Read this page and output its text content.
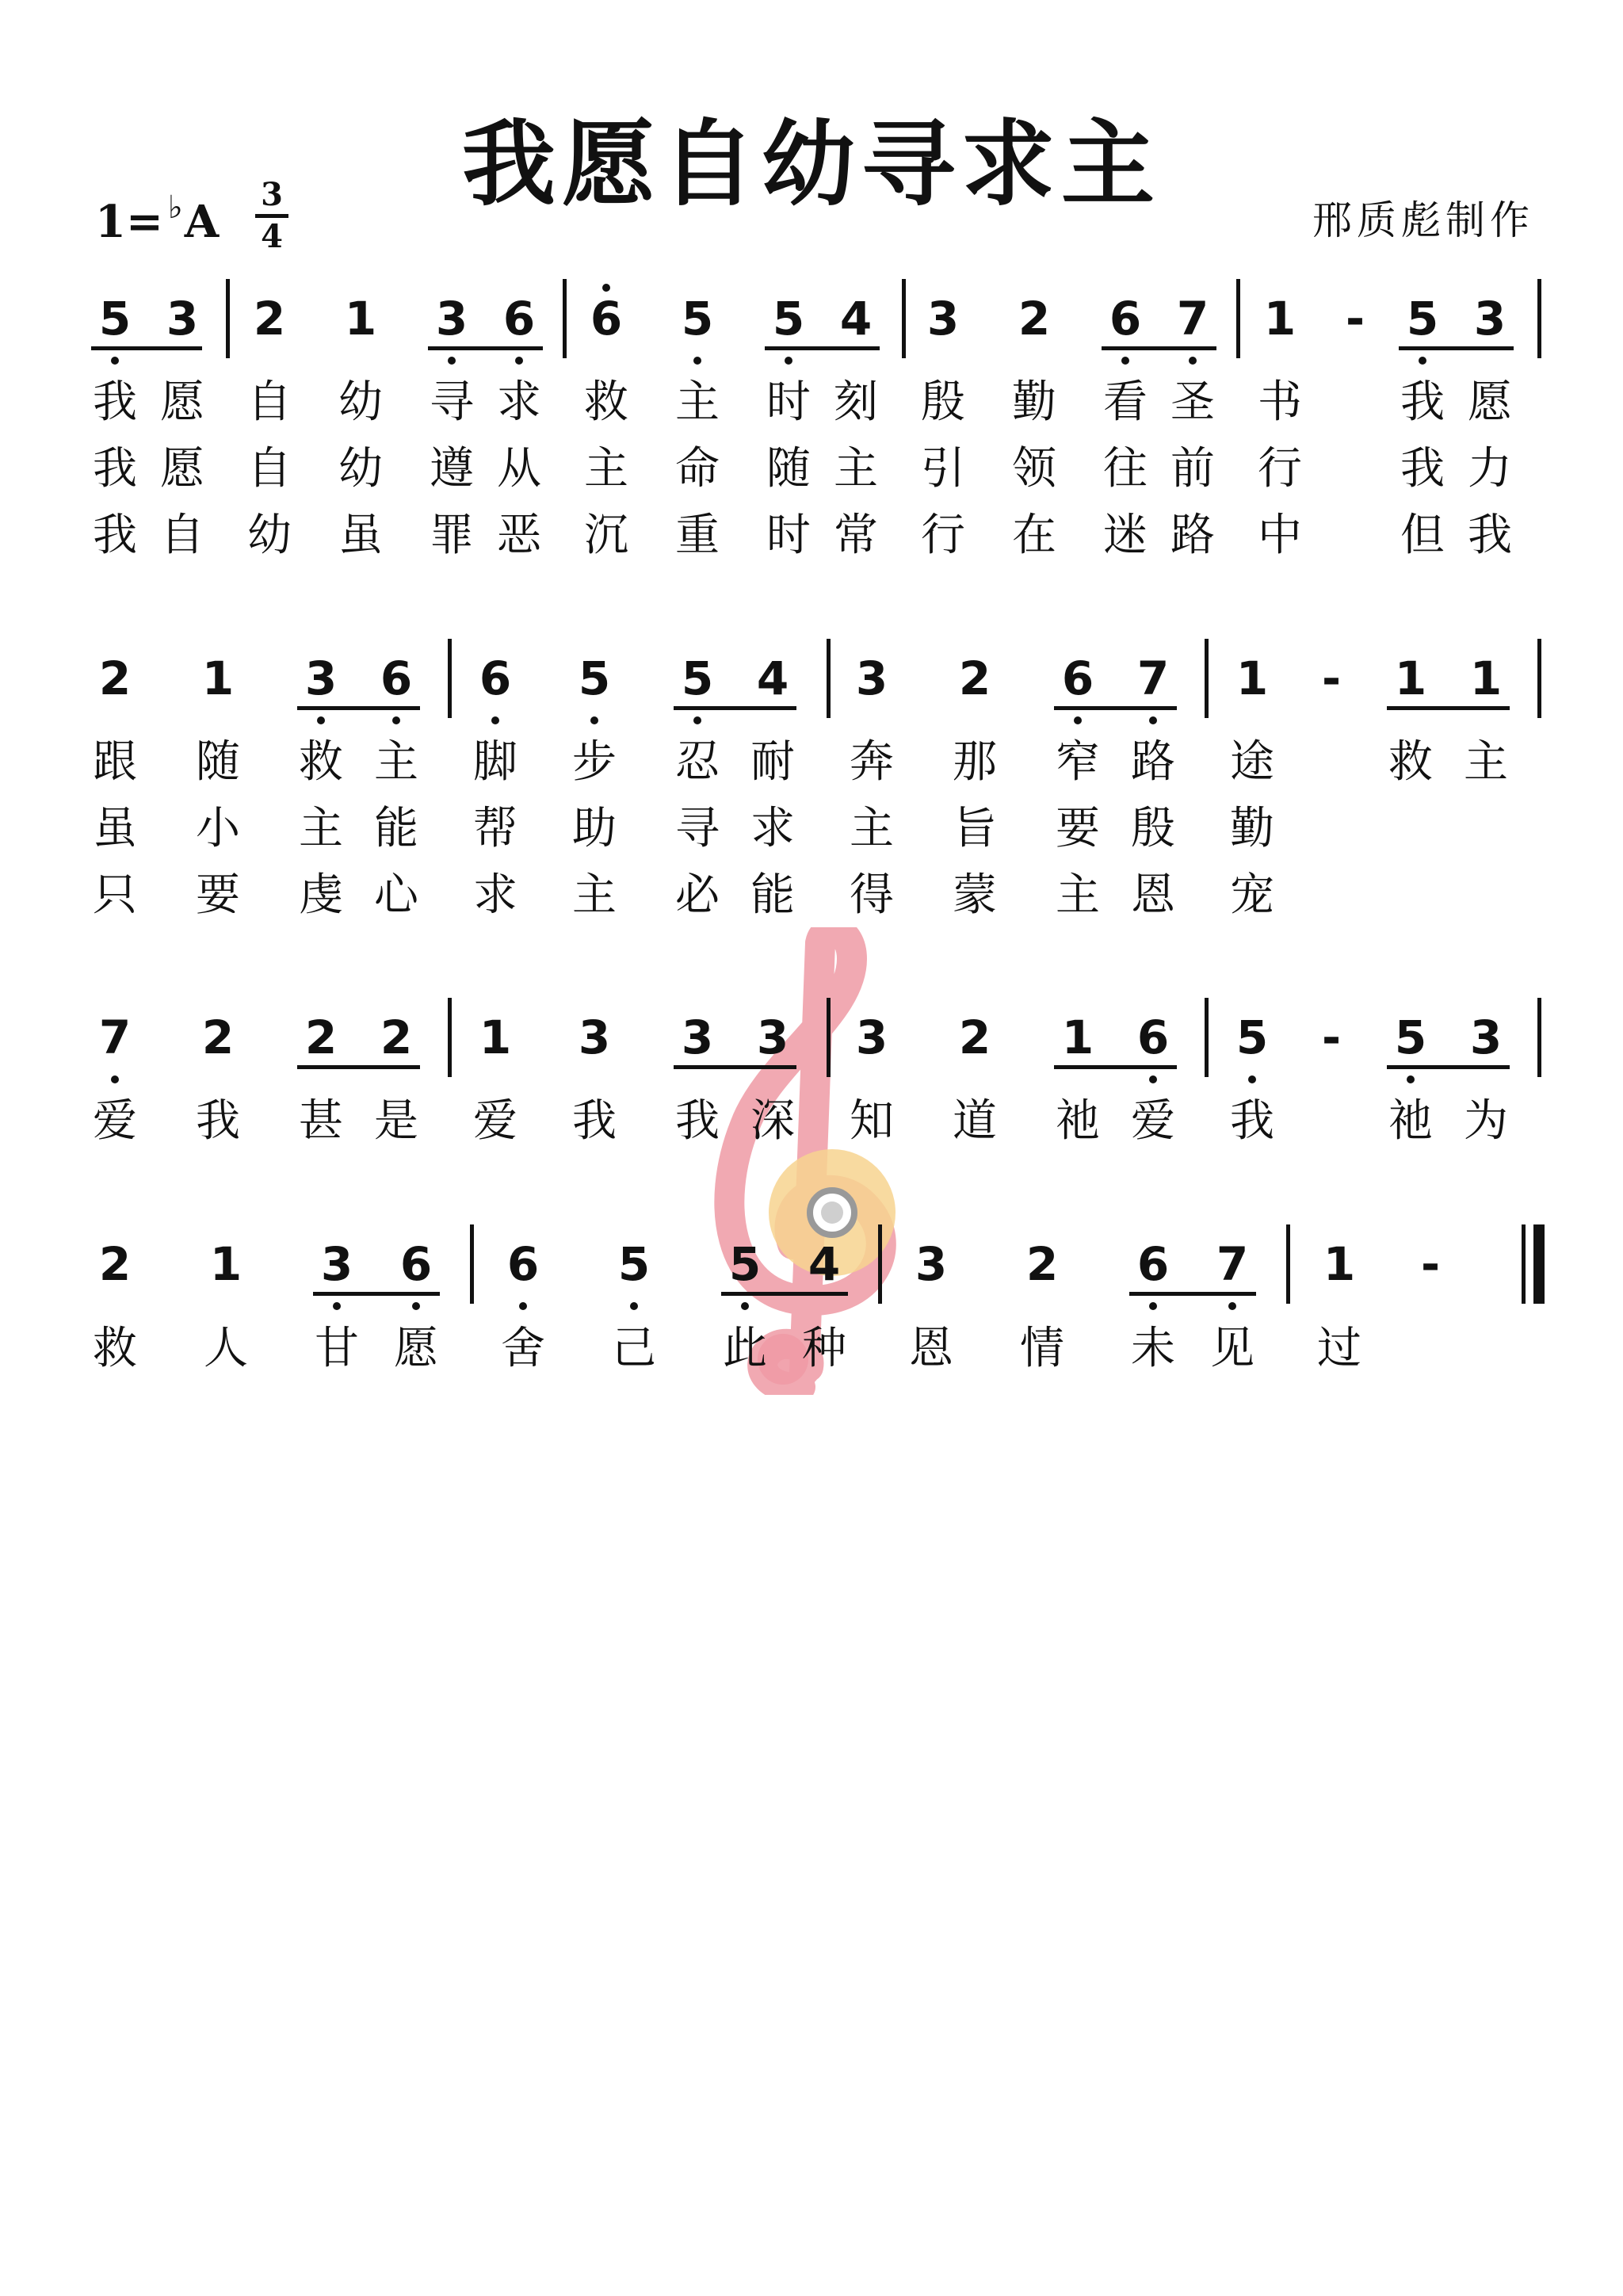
我愿自幼寻求主
1= ♭A
3
4	邢质彪制作
5 3 2 1 3 6 6 5 5 4 3 2 6 7 1	- 5 3
我 愿 自 幼 寻 求 救 主 时 刻 殷 勤 看 圣 书 我 愿
我 愿 自 幼 遵 从 主 命 随 主 引 领 往 前 行 我 力
我 自 幼 虽 罪 恶 沉 重 时 常 行 在 迷 路 中 但 我
2 1 3 6 6 5 5 4 3 2 6 7 1	-	1 1
跟 随 救 主 脚 步 忍 耐 奔 那 窄 路 途	救 主
虽 小 主 能 帮 助 寻 求 主 旨 要 殷 勤
只 要 虔 心 求 主 必 能 得 蒙 主 恩 宠
7 2 2 2 1 3 3 3 3 2 1 6 5	-	5 3
爱 我 甚 是 爱 我 我 深 知 道 祂 爱 我	祂 为
2 1 3 6 6 5 5 4 3 2 6 7 1	-
救 人 甘 愿 舍 己 此 种 恩 情 未 见 过
